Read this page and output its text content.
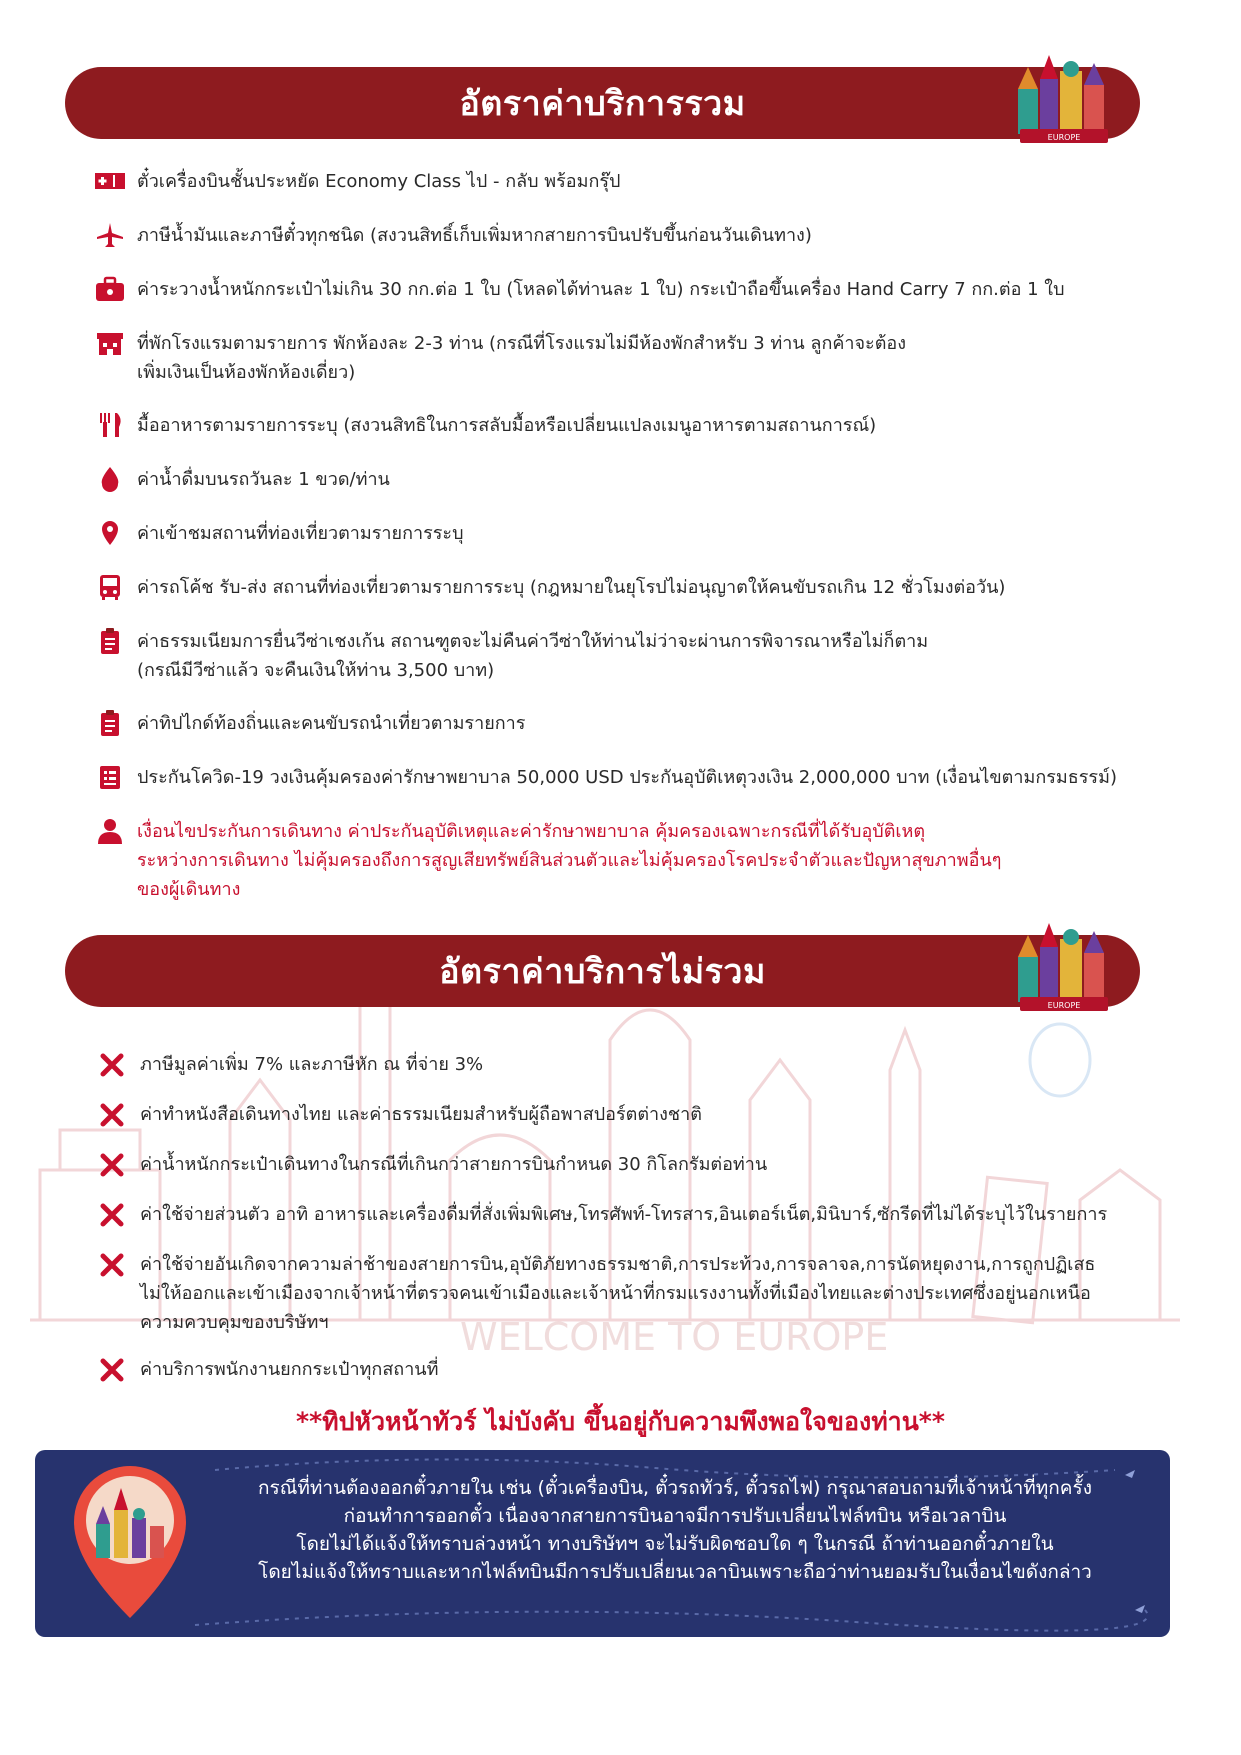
WELCOME TO EUROPE
อัตราค่าบริการรวม
EUROPE
ตั๋วเครื่องบินชั้นประหยัด Economy Class ไป - กลับ พร้อมกรุ๊ป
ภาษีน้ำมันและภาษีตั๋วทุกชนิด (สงวนสิทธิ์เก็บเพิ่มหากสายการบินปรับขึ้นก่อนวันเดินทาง)
ค่าระวางน้ำหนักกระเป๋าไม่เกิน 30 กก.ต่อ 1 ใบ (โหลดได้ท่านละ 1 ใบ) กระเป๋าถือขึ้นเครื่อง Hand Carry 7 กก.ต่อ 1 ใบ
ที่พักโรงแรมตามรายการ พักห้องละ 2-3 ท่าน (กรณีที่โรงแรมไม่มีห้องพักสำหรับ 3 ท่าน ลูกค้าจะต้อง
เพิ่มเงินเป็นห้องพักห้องเดี่ยว)
มื้ออาหารตามรายการระบุ (สงวนสิทธิในการสลับมื้อหรือเปลี่ยนแปลงเมนูอาหารตามสถานการณ์)
ค่าน้ำดื่มบนรถวันละ 1 ขวด/ท่าน
ค่าเข้าชมสถานที่ท่องเที่ยวตามรายการระบุ
ค่ารถโค้ช รับ-ส่ง สถานที่ท่องเที่ยวตามรายการระบุ (กฎหมายในยุโรปไม่อนุญาตให้คนขับรถเกิน 12 ชั่วโมงต่อวัน)
ค่าธรรมเนียมการยื่นวีซ่าเชงเก้น สถานฑูตจะไม่คืนค่าวีซ่าให้ท่านไม่ว่าจะผ่านการพิจารณาหรือไม่ก็ตาม
(กรณีมีวีซ่าแล้ว จะคืนเงินให้ท่าน 3,500 บาท)
ค่าทิปไกด์ท้องถิ่นและคนขับรถนำเที่ยวตามรายการ
ประกันโควิด-19 วงเงินคุ้มครองค่ารักษาพยาบาล 50,000 USD ประกันอุบัติเหตุวงเงิน 2,000,000 บาท (เงื่อนไขตามกรมธรรม์)
เงื่อนไขประกันการเดินทาง ค่าประกันอุบัติเหตุและค่ารักษาพยาบาล คุ้มครองเฉพาะกรณีที่ได้รับอุบัติเหตุ
ระหว่างการเดินทาง ไม่คุ้มครองถึงการสูญเสียทรัพย์สินส่วนตัวและไม่คุ้มครองโรคประจำตัวและปัญหาสุขภาพอื่นๆ
ของผู้เดินทาง
อัตราค่าบริการไม่รวม
EUROPE
ภาษีมูลค่าเพิ่ม 7% และภาษีหัก ณ ที่จ่าย 3%
ค่าทำหนังสือเดินทางไทย และค่าธรรมเนียมสำหรับผู้ถือพาสปอร์ตต่างชาติ
ค่าน้ำหนักกระเป๋าเดินทางในกรณีที่เกินกว่าสายการบินกำหนด 30 กิโลกรัมต่อท่าน
ค่าใช้จ่ายส่วนตัว อาทิ อาหารและเครื่องดื่มที่สั่งเพิ่มพิเศษ,โทรศัพท์-โทรสาร,อินเตอร์เน็ต,มินิบาร์,ซักรีดที่ไม่ได้ระบุไว้ในรายการ
ค่าใช้จ่ายอันเกิดจากความล่าช้าของสายการบิน,อุบัติภัยทางธรรมชาติ,การประท้วง,การจลาจล,การนัดหยุดงาน,การถูกปฏิเสธ
ไม่ให้ออกและเข้าเมืองจากเจ้าหน้าที่ตรวจคนเข้าเมืองและเจ้าหน้าที่กรมแรงงานทั้งที่เมืองไทยและต่างประเทศซึ่งอยู่นอกเหนือ
ความควบคุมของบริษัทฯ
ค่าบริการพนักงานยกกระเป๋าทุกสถานที่
**ทิปหัวหน้าทัวร์ ไม่บังคับ ขึ้นอยู่กับความพึงพอใจของท่าน**
กรณีที่ท่านต้องออกตั๋วภายใน เช่น (ตั๋วเครื่องบิน, ตั๋วรถทัวร์, ตั๋วรถไฟ) กรุณาสอบถามที่เจ้าหน้าที่ทุกครั้ง
ก่อนทำการออกตั๋ว เนื่องจากสายการบินอาจมีการปรับเปลี่ยนไฟล์ทบิน หรือเวลาบิน
โดยไม่ได้แจ้งให้ทราบล่วงหน้า ทางบริษัทฯ จะไม่รับผิดชอบใด ๆ ในกรณี ถ้าท่านออกตั๋วภายใน
โดยไม่แจ้งให้ทราบและหากไฟล์ทบินมีการปรับเปลี่ยนเวลาบินเพราะถือว่าท่านยอมรับในเงื่อนไขดังกล่าว
